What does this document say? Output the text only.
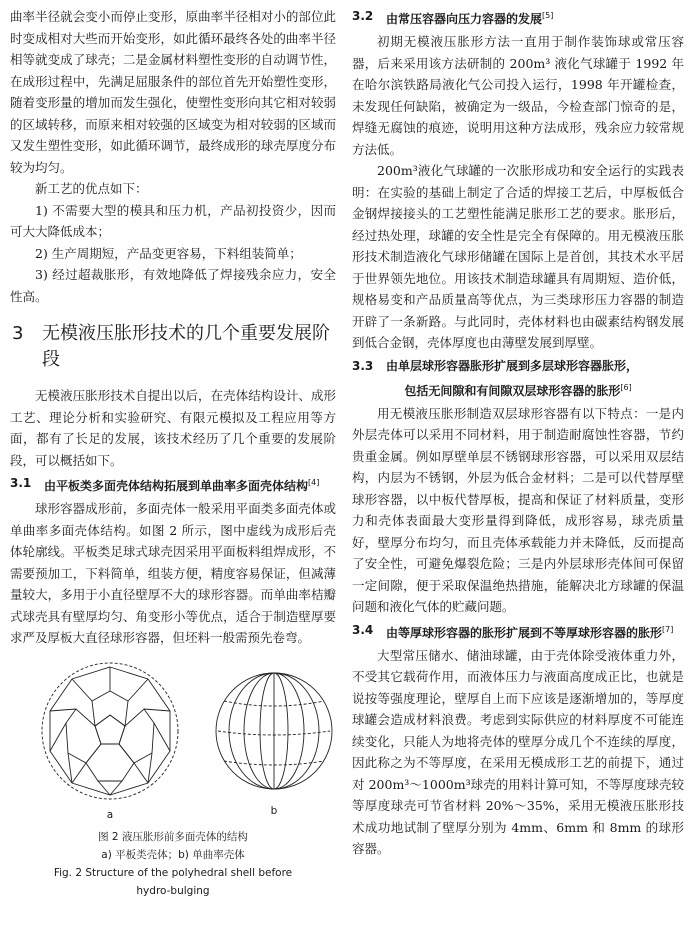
曲率半径就会变小而停止变形，原曲率半径相对小的部位此时变成相对大些而开始变形，如此循环最终各处的曲率半径相等就变成了球壳；二是金属材料塑性变形的自动调节性，在成形过程中，先满足屈服条件的部位首先开始塑性变形，随着变形量的增加而发生强化，使塑性变形向其它相对较弱的区域转移，而原来相对较强的区域变为相对较弱的区域而又发生塑性变形，如此循环调节，最终成形的球壳厚度分布较为均匀。

新工艺的优点如下：

1) 不需要大型的模具和压力机，产品初投资少，因而可大大降低成本；

2) 生产周期短，产品变更容易，下料组装简单；

3) 经过超裁胀形，有效地降低了焊接残余应力，安全性高。

3	无模液压胀形技术的几个重要发展阶段

无模液压胀形技术自提出以后，在壳体结构设计、成形工艺、理论分析和实验研究、有限元模拟及工程应用等方面，都有了长足的发展，该技术经历了几个重要的发展阶段，可以概括如下。

3.1	由平板类多面壳体结构拓展到单曲率多面壳体结构[4]

球形容器成形前，多面壳体一般采用平面类多面壳体或单曲率多面壳体结构。如图 2 所示，图中虚线为成形后壳体轮廓线。平板类足球式球壳因采用平面板料组焊成形，不需要预加工，下料简单，组装方便，精度容易保证，但减薄量较大，多用于小直径壁厚不大的球形容器。而单曲率桔瓣式球壳具有壁厚均匀、角变形小等优点，适合于制造壁厚要求严及厚板大直径球形容器，但坯料一般需预先卷弯。

a	b
图 2 液压胀形前多面壳体的结构
a) 平板类壳体；b) 单曲率壳体
Fig. 2 Structure of the polyhedral shell before
hydro-bulging
3.2	由常压容器向压力容器的发展[5]

初期无模液压胀形方法一直用于制作装饰球或常压容器，后来采用该方法研制的 200m³ 液化气球罐于 1992 年在哈尔滨铁路局液化气公司投入运行，1998 年开罐检查，未发现任何缺陷，被确定为一级品，今检查部门惊奇的是，焊缝无腐蚀的痕迹，说明用这种方法成形，残余应力较常规方法低。

200m³液化气球罐的一次胀形成功和安全运行的实践表明：在实验的基础上制定了合适的焊接工艺后，中厚板低合金钢焊接接头的工艺塑性能满足胀形工艺的要求。胀形后，经过热处理，球罐的安全性是完全有保障的。用无模液压胀形技术制造液化气球形储罐在国际上是首创，其技术水平居于世界领先地位。用该技术制造球罐具有周期短、造价低，规格易变和产品质量高等优点，为三类球形压力容器的制造开辟了一条新路。与此同时，壳体材料也由碳素结构钢发展到低合金钢，壳体厚度也由薄壁发展到厚壁。

3.3	由单层球形容器胀形扩展到多层球形容器胀形，
包括无间隙和有间隙双层球形容器的胀形[6]

用无模液压胀形制造双层球形容器有以下特点：一是内外层壳体可以采用不同材料，用于制造耐腐蚀性容器，节约贵重金属。例如厚壁单层不锈钢球形容器，可以采用双层结构，内层为不锈钢，外层为低合金材料；二是可以代替厚壁球形容器，以中板代替厚板，提高和保证了材料质量，变形力和壳体表面最大变形量得到降低，成形容易，球壳质量好，壁厚分布均匀，而且壳体承载能力并未降低，反而提高了安全性，可避免爆裂危险；三是内外层球形壳体间可保留一定间隙，便于采取保温绝热措施，能解决北方球罐的保温问题和液化气体的贮藏问题。

3.4	由等厚球形容器的胀形扩展到不等厚球形容器的胀形[7]

大型常压储水、储油球罐，由于壳体除受液体重力外，不受其它载荷作用，而液体压力与液面高度成正比，也就是说按等强度理论，壁厚自上而下应该是逐渐增加的，等厚度球罐会造成材料浪费。考虑到实际供应的材料厚度不可能连续变化，只能人为地将壳体的壁厚分成几个不连续的厚度，因此称之为不等厚度，在采用无模成形工艺的前提下，通过对 200m³～1000m³球壳的用料计算可知，不等厚度球壳较等厚度球壳可节省材料 20%～35%，采用无模液压胀形技术成功地试制了壁厚分别为 4mm、6mm 和 8mm 的球形容器。
